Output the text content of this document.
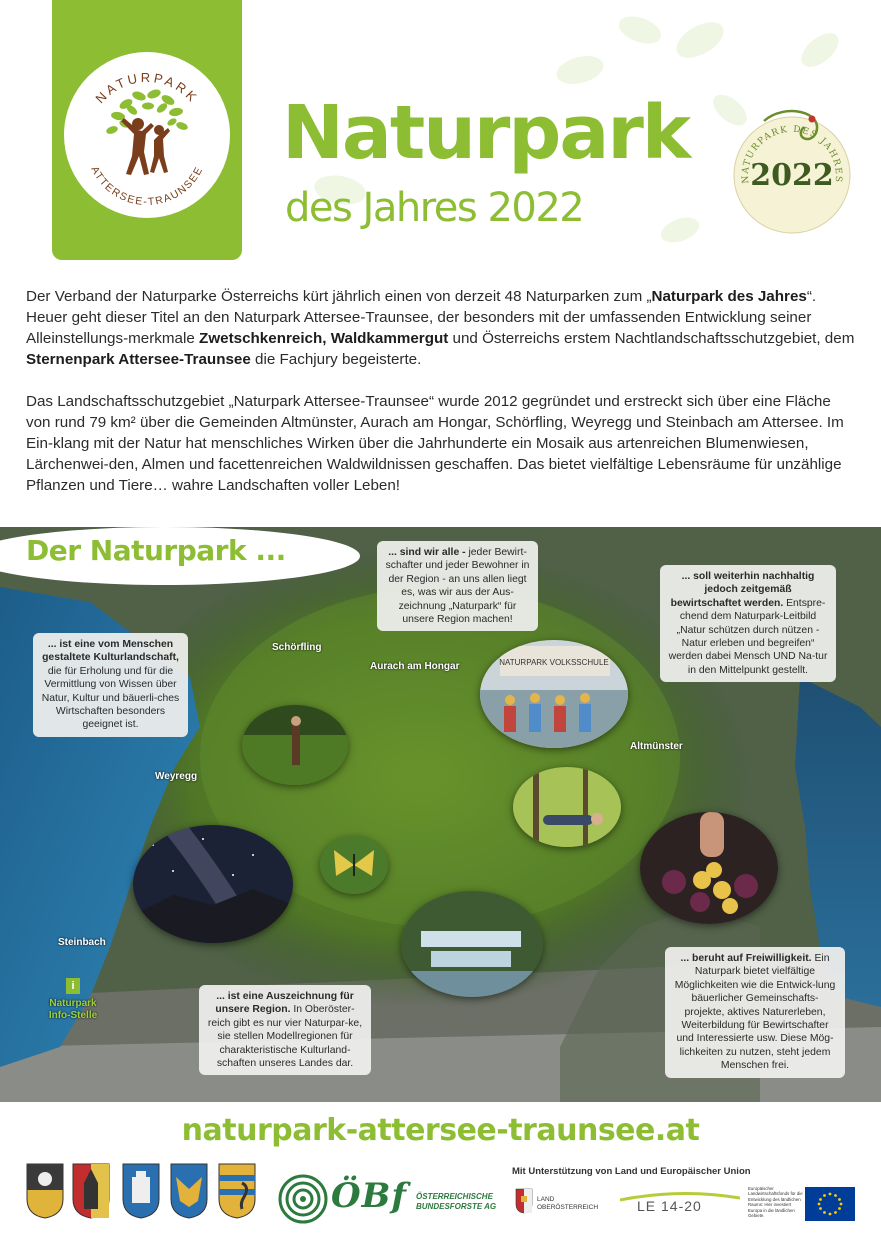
NATURPARK
ATTERSEE-TRAUNSEE Naturpark
des Jahres 2022
NATURPARK DES JAHRES
2022

Der Verband der Naturparke Österreichs kürt jährlich einen von derzeit 48 Naturparken zum „Naturpark des Jahres“. Heuer geht dieser Titel an den Naturpark Attersee-Traunsee, der besonders mit der umfassenden Entwicklung seiner Alleinstellungs-merkmale Zwetschkenreich, Waldkammergut und Österreichs erstem Nachtlandschaftsschutzgebiet, dem Sternenpark Attersee-Traunsee die Fachjury begeisterte.

Das Landschaftsschutzgebiet „Naturpark Attersee-Traunsee“ wurde 2012 gegründet und erstreckt sich über eine Fläche von rund 79 km² über die Gemeinden Altmünster, Aurach am Hongar, Schörfling, Weyregg und Steinbach am Attersee. Im Ein-klang mit der Natur hat menschliches Wirken über die Jahrhunderte ein Mosaik aus artenreichen Blumenwiesen, Lärchenwei-den, Almen und facettenreichen Waldwildnissen geschaffen. Das bietet vielfältige Lebensräume für unzählige Pflanzen und Tiere… wahre Landschaften voller Leben!

Der Naturpark ...
Schörfling
Aurach am Hongar
Altmünster
Weyregg
Steinbach
i
Naturpark Info-Stelle
... ist eine vom Menschen gestaltete Kulturlandschaft, die für Erholung und für die Vermittlung von Wissen über Natur, Kultur und bäuerli-ches Wirtschaften besonders geeignet ist.
... sind wir alle - jeder Bewirt-schafter und jeder Bewohner in der Region - an uns allen liegt es, was wir aus der Aus-zeichnung „Naturpark“ für unsere Region machen!
... soll weiterhin nachhaltig jedoch zeitgemäß bewirtschaftet werden. Entspre-chend dem Naturpark-Leitbild „Natur schützen durch nützen - Natur erleben und begreifen“ werden dabei Mensch UND Na-tur in den Mittelpunkt gestellt.
... ist eine Auszeichnung für unsere Region. In Oberöster-reich gibt es nur vier Naturpar-ke, sie stellen Modellregionen für charakteristische Kulturland-schaften unseres Landes dar.
... beruht auf Freiwilligkeit. Ein Naturpark bietet vielfältige Möglichkeiten wie die Entwick-lung bäuerlicher Gemeinschafts-projekte, aktives Naturerleben, Weiterbildung für Bewirtschafter und Interessierte usw. Diese Mög-lichkeiten zu nutzen, steht jedem Menschen frei.
NATURPARK VOLKSSCHULE
naturpark-attersee-traunsee.at
ÖBf ÖSTERREICHISCHE BUNDESFORSTE AG
Mit Unterstützung von Land und Europäischer Union
LAND OBERÖSTERREICH	LE 14-20
Europäischer Landwirtschaftsfonds für die Entwicklung des ländlichen Raums: Hier investiert Europa in die ländlichen Gebiete.
